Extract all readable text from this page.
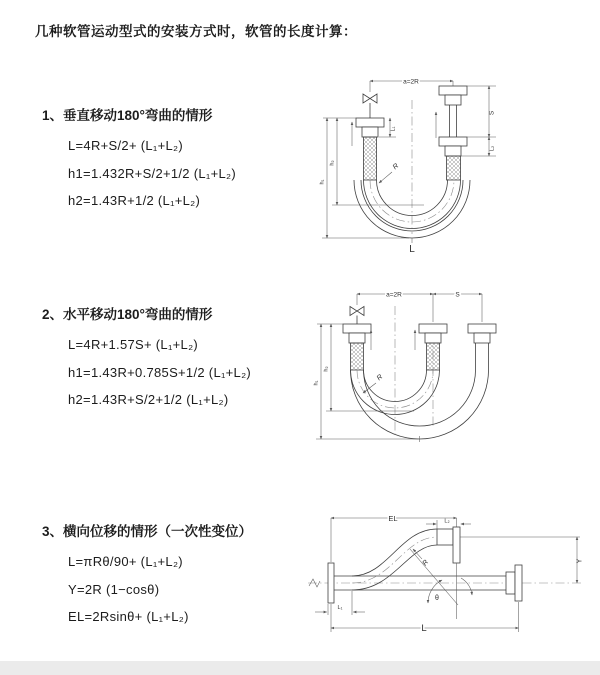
几种软管运动型式的安装方式时，软管的长度计算：
1、垂直移动180°弯曲的情形
L=4R+S/2+ (L₁+L₂)
h1=1.432R+S/2+1/2 (L₁+L₂)
h2=1.43R+1/2 (L₁+L₂)
2、水平移动180°弯曲的情形
L=4R+1.57S+ (L₁+L₂)
h1=1.43R+0.785S+1/2 (L₁+L₂)
h2=1.43R+S/2+1/2 (L₁+L₂)
3、横向位移的情形（一次性变位）
L=πRθ/90+ (L₁+L₂)
Y=2R (1−cosθ)
EL=2Rsinθ+ (L₁+L₂)
a=2R
L₁
S
L₂
h₂
h₁
R
L
a=2R	S
h₂
h₁
R
EL	L₂
Y
R
θ
L₁
L
